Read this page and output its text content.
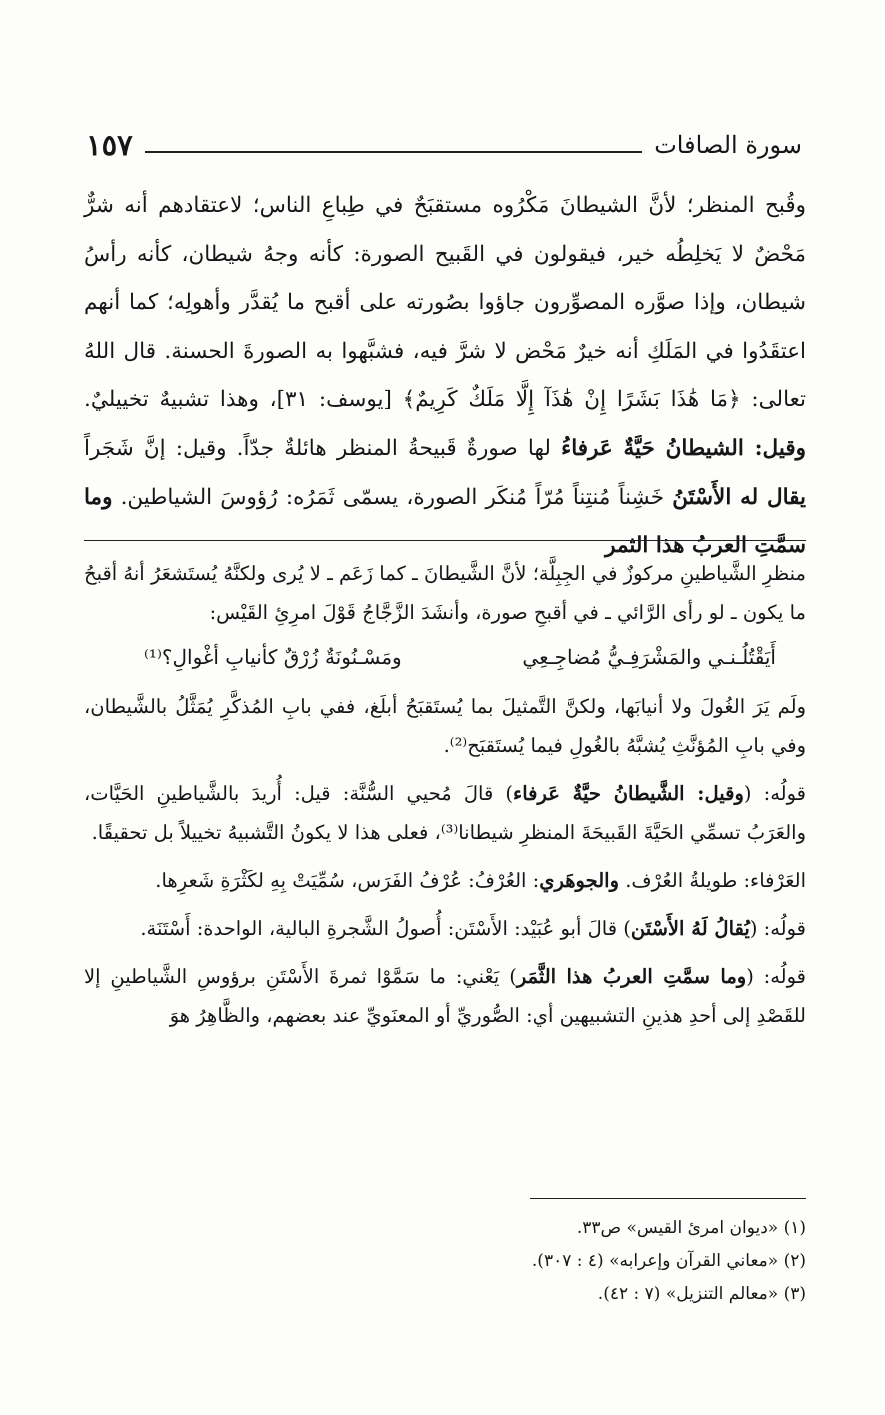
١٥٧	سورة الصافات

وقُبح المنظر؛ لأنَّ الشيطانَ مَكْرُوه مستقبَحٌ في طِباعِ الناس؛ لاعتقادهم أنه شرٌّ مَحْضٌ لا يَخلِطُه خير، فيقولون في القَبيح الصورة: كأنه وجهُ شيطان، كأنه رأسُ شيطان، وإذا صوَّره المصوِّرون جاؤوا بصُورته على أقبح ما يُقدَّر وأهولِه؛ كما أنهم اعتقَدُوا في المَلَكِ أنه خيرٌ مَحْض لا شرَّ فيه، فشبَّهوا به الصورةَ الحسنة. قال اللهُ تعالى: ﴿مَا هَٰذَا بَشَرًا إِنْ هَٰذَآ إِلَّا مَلَكٌ كَرِيمٌ﴾ [يوسف: ٣١]، وهذا تشبيهٌ تخييليٌ. وقيل: الشيطانُ حَيَّةٌ عَرفاءُ لها صورةٌ قَبيحةُ المنظر هائلةٌ جدّاً. وقيل: إنَّ شَجَراً يقال له الأَسْتَنُ خَشِناً مُنتِناً مُرّاً مُنكَر الصورة، يسمّى ثَمَرُه: رُؤوسَ الشياطين. وما سمَّتِ العربُ هذا الثمر

منظرِ الشَّياطينِ مركوزٌ في الجِبِلَّة؛ لأنَّ الشَّيطانَ ـ كما زَعَم ـ لا يُرى ولكنَّهُ يُستَشعَرُ أنهُ أقبحُ ما يكون ـ لو رأى الرَّائي ـ في أقبحِ صورة، وأنشَدَ الزَّجَّاجُ قَوْلَ امرِئِ القَيْس:

أَيَقْتُلُـنـي والمَشْرَفِـيُّ مُضاجِـعِي
ومَسْـنُونَةٌ زُرْقٌ كأنيابِ أغْوالِ؟⁽¹⁾

ولَم يَرَ الغُولَ ولا أنيابَها، ولكنَّ التَّمثيلَ بما يُستَقبَحُ أبلَغ، ففي بابِ المُذكَّرِ يُمَثَّلُ بالشَّيطان، وفي بابِ المُؤنَّثِ يُشبَّهُ بالغُولِ فيما يُستَقبَح⁽²⁾.

قولُه: (وقيل: الشَّيطانُ حيَّةٌ عَرفاء) قالَ مُحيي السُّنَّة: قيل: أُريدَ بالشَّياطينِ الحَيَّات، والعَرَبُ تسمِّي الحَيَّةَ القَبيحَةَ المنظرِ شيطانا⁽³⁾، فعلى هذا لا يكونُ التَّشبيهُ تخييلاً بل تحقيقًا.

العَرْفاء: طويلةُ العُرْف. والجوهَري: العُرْفُ: عُرْفُ الفَرَس، سُمِّيَتْ بِهِ لكَثْرَةِ شَعرِها.

قولُه: (يُقالُ لَهُ الأَسْتَن) قالَ أبو عُبَيْد: الأَسْتَن: أُصولُ الشَّجرةِ البالية، الواحدة: أَسْتَنَة.

قولُه: (وما سمَّتِ العربُ هذا الثَّمَر) يَعْني: ما سَمَّوْا ثمرةَ الأَسْتَنِ برؤوسِ الشَّياطينِ إلا للقَصْدِ إلى أحدِ هذينِ التشبيهين أي: الصُّوريِّ أو المعنَويِّ عند بعضهم، والظَّاهِرُ هوَ

(١) «ديوان امرئ القيس» ص٣٣.

(٢) «معاني القرآن وإعرابه» (٤ : ٣٠٧).

(٣) «معالم التنزيل» (٧ : ٤٢).
